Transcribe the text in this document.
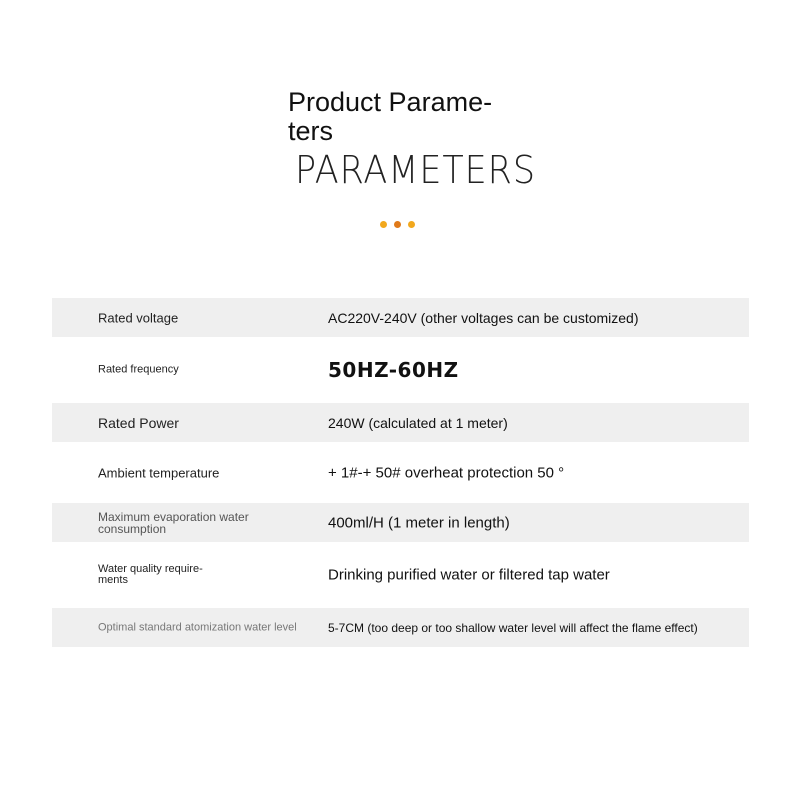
Product Parame-
ters
PARAMETERS
Rated voltage	AC220V-240V (other voltages can be customized)
Rated frequency	50HZ-60HZ
Rated Power	240W (calculated at 1 meter)
Ambient temperature	+ 1#-+ 50# overheat protection 50 °
Maximum evaporation water consumption	400ml/H (1 meter in length)
Water quality require-
ments	Drinking purified water or filtered tap water
Optimal standard atomization water level	5-7CM (too deep or too shallow water level will affect the flame effect)
